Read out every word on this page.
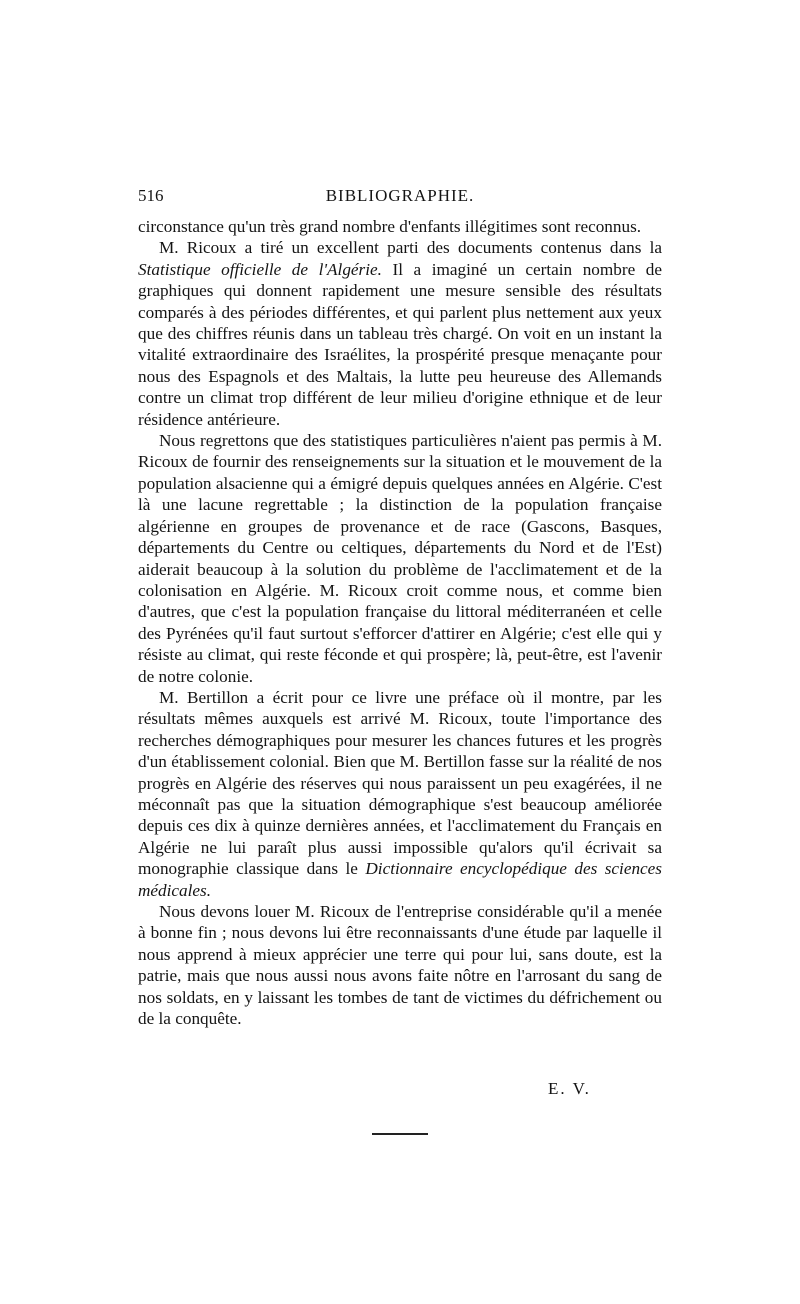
516	BIBLIOGRAPHIE.

circonstance qu'un très grand nombre d'enfants illégitimes sont reconnus.

M. Ricoux a tiré un excellent parti des documents contenus dans la Statistique officielle de l'Algérie. Il a imaginé un certain nombre de graphiques qui donnent rapidement une mesure sensible des résultats comparés à des périodes différentes, et qui parlent plus nettement aux yeux que des chiffres réunis dans un tableau très chargé. On voit en un instant la vitalité extraordinaire des Israélites, la prospérité presque menaçante pour nous des Espagnols et des Maltais, la lutte peu heureuse des Allemands contre un climat trop différent de leur milieu d'origine ethnique et de leur résidence antérieure.

Nous regrettons que des statistiques particulières n'aient pas permis à M. Ricoux de fournir des renseignements sur la situation et le mouvement de la population alsacienne qui a émigré depuis quelques années en Algérie. C'est là une lacune regrettable ; la distinction de la population française algérienne en groupes de provenance et de race (Gascons, Basques, départements du Centre ou celtiques, départements du Nord et de l'Est) aiderait beaucoup à la solution du problème de l'acclimatement et de la colonisation en Algérie. M. Ricoux croit comme nous, et comme bien d'autres, que c'est la population française du littoral méditerranéen et celle des Pyrénées qu'il faut surtout s'efforcer d'attirer en Algérie; c'est elle qui y résiste au climat, qui reste féconde et qui prospère; là, peut-être, est l'avenir de notre colonie.

M. Bertillon a écrit pour ce livre une préface où il montre, par les résultats mêmes auxquels est arrivé M. Ricoux, toute l'importance des recherches démographiques pour mesurer les chances futures et les progrès d'un établissement colonial. Bien que M. Bertillon fasse sur la réalité de nos progrès en Algérie des réserves qui nous paraissent un peu exagérées, il ne méconnaît pas que la situation démographique s'est beaucoup améliorée depuis ces dix à quinze dernières années, et l'acclimatement du Français en Algérie ne lui paraît plus aussi impossible qu'alors qu'il écrivait sa monographie classique dans le Dictionnaire encyclopédique des sciences médicales.

Nous devons louer M. Ricoux de l'entreprise considérable qu'il a menée à bonne fin ; nous devons lui être reconnaissants d'une étude par laquelle il nous apprend à mieux apprécier une terre qui pour lui, sans doute, est la patrie, mais que nous aussi nous avons faite nôtre en l'arrosant du sang de nos soldats, en y laissant les tombes de tant de victimes du défrichement ou de la conquête.

E. V.
